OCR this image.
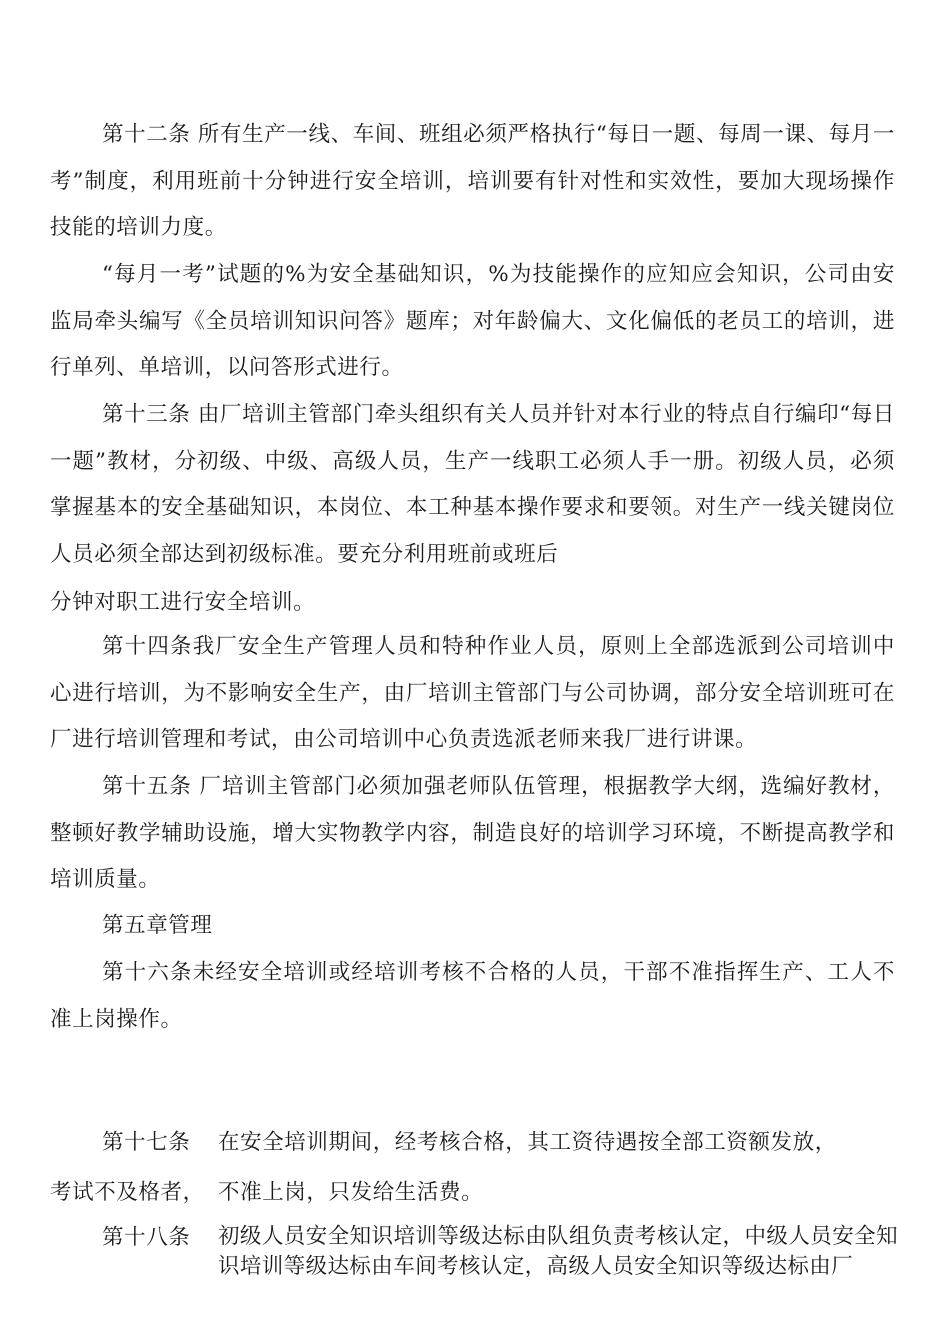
第十二条 所有生产一线、车间、班组必须严格执行“每日一题、每周一课、每月一考”制度，利用班前十分钟进行安全培训，培训要有针对性和实效性，要加大现场操作技能的培训力度。

“每月一考”试题的%为安全基础知识，%为技能操作的应知应会知识，公司由安监局牵头编写《全员培训知识问答》题库；对年龄偏大、文化偏低的老员工的培训，进行单列、单培训，以问答形式进行。

第十三条 由厂培训主管部门牵头组织有关人员并针对本行业的特点自行编印“每日一题”教材，分初级、中级、高级人员，生产一线职工必须人手一册。初级人员，必须掌握基本的安全基础知识，本岗位、本工种基本操作要求和要领。对生产一线关键岗位人员必须全部达到初级标准。要充分利用班前或班后

分钟对职工进行安全培训。

第十四条我厂安全生产管理人员和特种作业人员，原则上全部选派到公司培训中心进行培训，为不影响安全生产，由厂培训主管部门与公司协调，部分安全培训班可在厂进行培训管理和考试，由公司培训中心负责选派老师来我厂进行讲课。

第十五条 厂培训主管部门必须加强老师队伍管理，根据教学大纲，选编好教材，整顿好教学辅助设施，增大实物教学内容，制造良好的培训学习环境，不断提高教学和培训质量。

第五章管理

第十六条未经安全培训或经培训考核不合格的人员，干部不准指挥生产、工人不准上岗操作。

第十七条 在安全培训期间，经考核合格，其工资待遇按全部工资额发放，

考试不及格者， 不准上岗，只发给生活费。

第十八条 初级人员安全知识培训等级达标由队组负责考核认定，中级人员安全知识培训等级达标由车间考核认定，高级人员安全知识等级达标由厂
